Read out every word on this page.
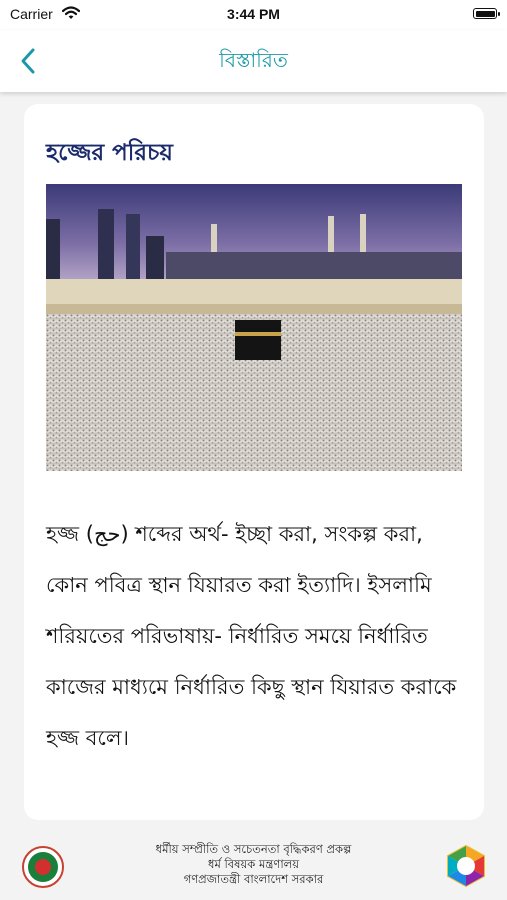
Carrier	3:44 PM
বিস্তারিত
হজ্জের পরিচয়

হজ্জ (حج) শব্দের অর্থ- ইচ্ছা করা, সংকল্প করা, কোন পবিত্র স্থান যিয়ারত করা ইত্যাদি। ইসলামি শরিয়তের পরিভাষায়- নির্ধারিত সময়ে নির্ধারিত কাজের মাধ্যমে নির্ধারিত কিছু স্থান যিয়ারত করাকে হজ্জ বলে।

ধর্মীয় সম্প্রীতি ও সচেতনতা বৃদ্ধিকরণ প্রকল্প
ধর্ম বিষয়ক মন্ত্রণালয়
গণপ্রজাতন্ত্রী বাংলাদেশ সরকার
